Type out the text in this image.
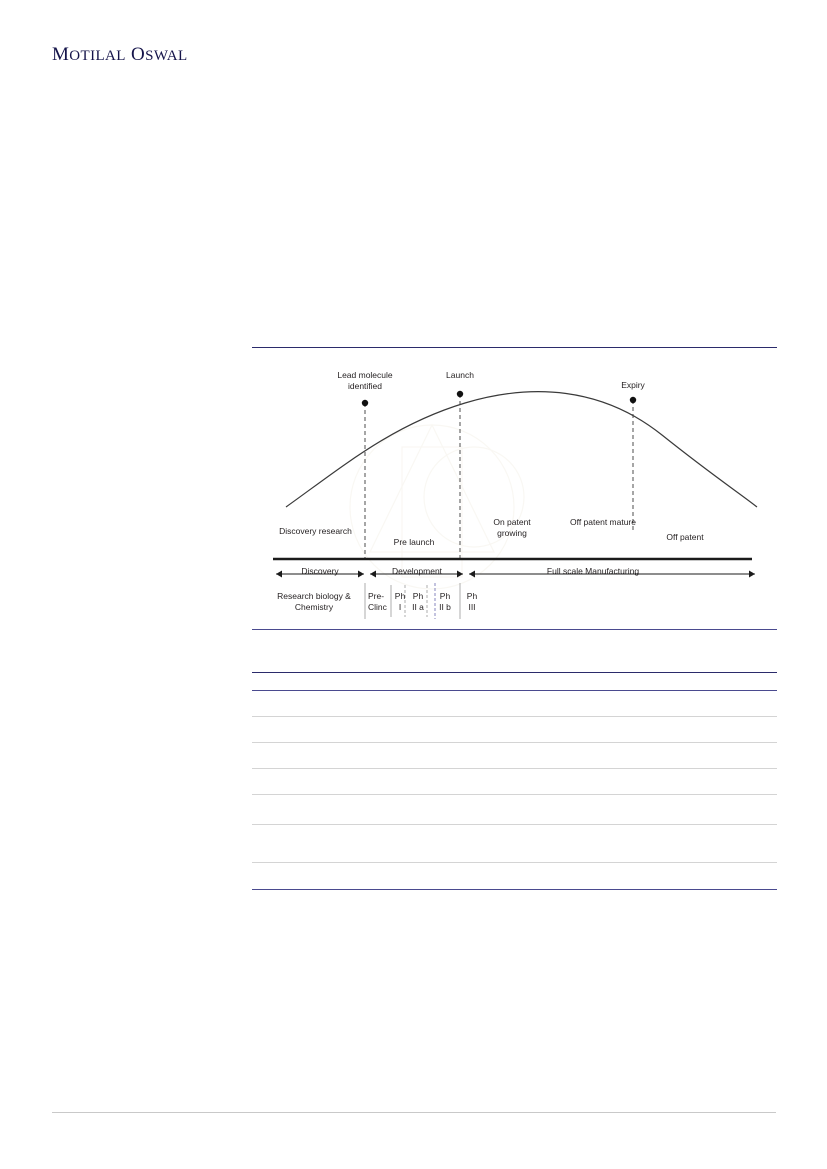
MOTILAL OSWAL
Lead molecule
identified
Launch
Expiry
Discovery research
Pre launch
On patent
growing
Off patent mature
Off patent
Discovery	Development	Full scale Manufacturing
Research biology &
Chemistry
Pre-
Clinc
Ph
I
Ph
II a
Ph
II b
Ph
III
